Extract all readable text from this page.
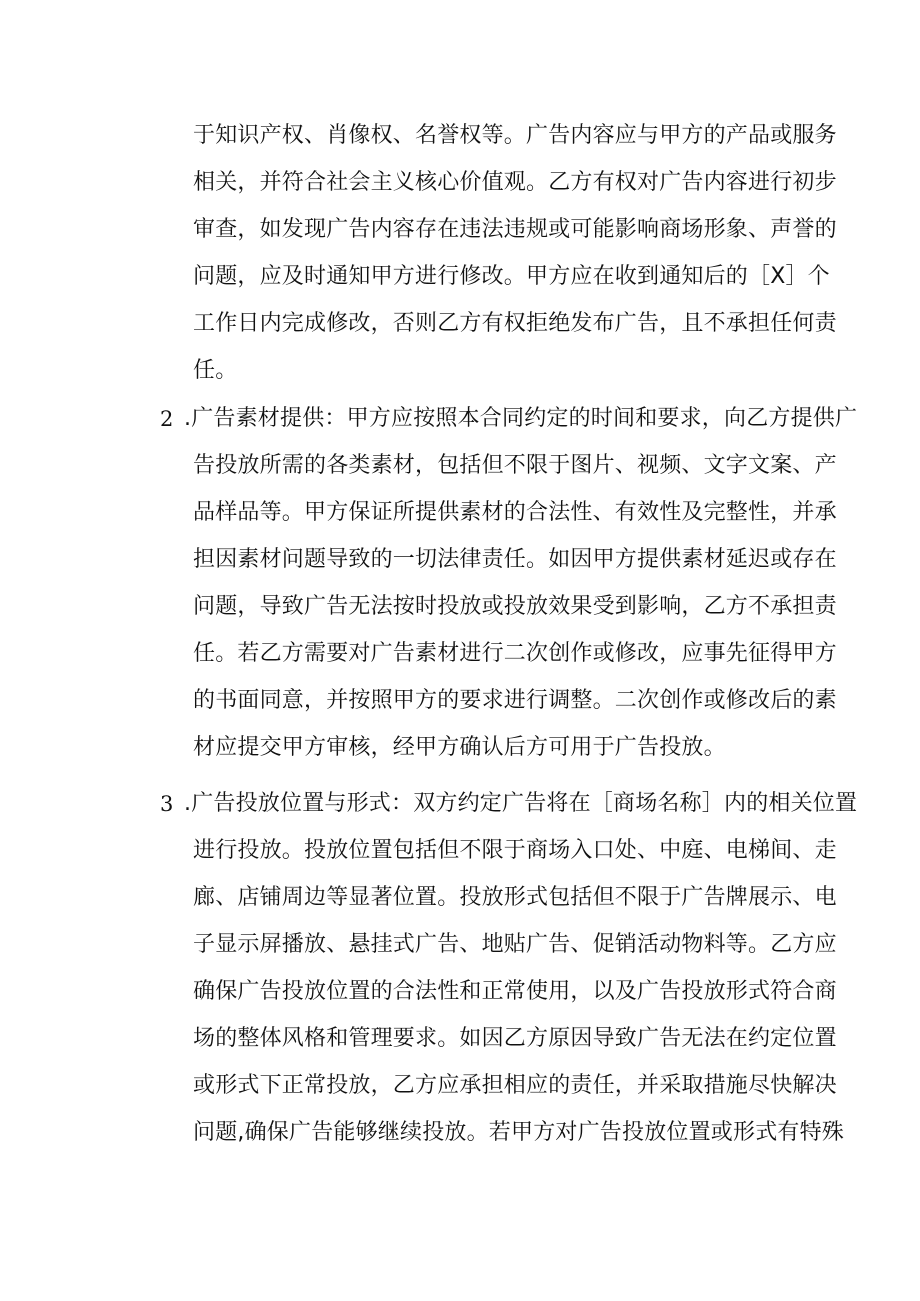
于知识产权、肖像权、名誉权等。广告内容应与甲方的产品或服务
相关，并符合社会主义核心价值观。乙方有权对广告内容进行初步
审查，如发现广告内容存在违法违规或可能影响商场形象、声誉的
问题，应及时通知甲方进行修改。甲方应在收到通知后的［X］个
工作日内完成修改，否则乙方有权拒绝发布广告，且不承担任何责
任。
2 .广告素材提供：甲方应按照本合同约定的时间和要求，向乙方提供广
告投放所需的各类素材，包括但不限于图片、视频、文字文案、产
品样品等。甲方保证所提供素材的合法性、有效性及完整性，并承
担因素材问题导致的一切法律责任。如因甲方提供素材延迟或存在
问题，导致广告无法按时投放或投放效果受到影响，乙方不承担责
任。若乙方需要对广告素材进行二次创作或修改，应事先征得甲方
的书面同意，并按照甲方的要求进行调整。二次创作或修改后的素
材应提交甲方审核，经甲方确认后方可用于广告投放。
3 .广告投放位置与形式：双方约定广告将在［商场名称］内的相关位置
进行投放。投放位置包括但不限于商场入口处、中庭、电梯间、走
廊、店铺周边等显著位置。投放形式包括但不限于广告牌展示、电
子显示屏播放、悬挂式广告、地贴广告、促销活动物料等。乙方应
确保广告投放位置的合法性和正常使用，以及广告投放形式符合商
场的整体风格和管理要求。如因乙方原因导致广告无法在约定位置
或形式下正常投放，乙方应承担相应的责任，并采取措施尽快解决
问题,确保广告能够继续投放。若甲方对广告投放位置或形式有特殊
